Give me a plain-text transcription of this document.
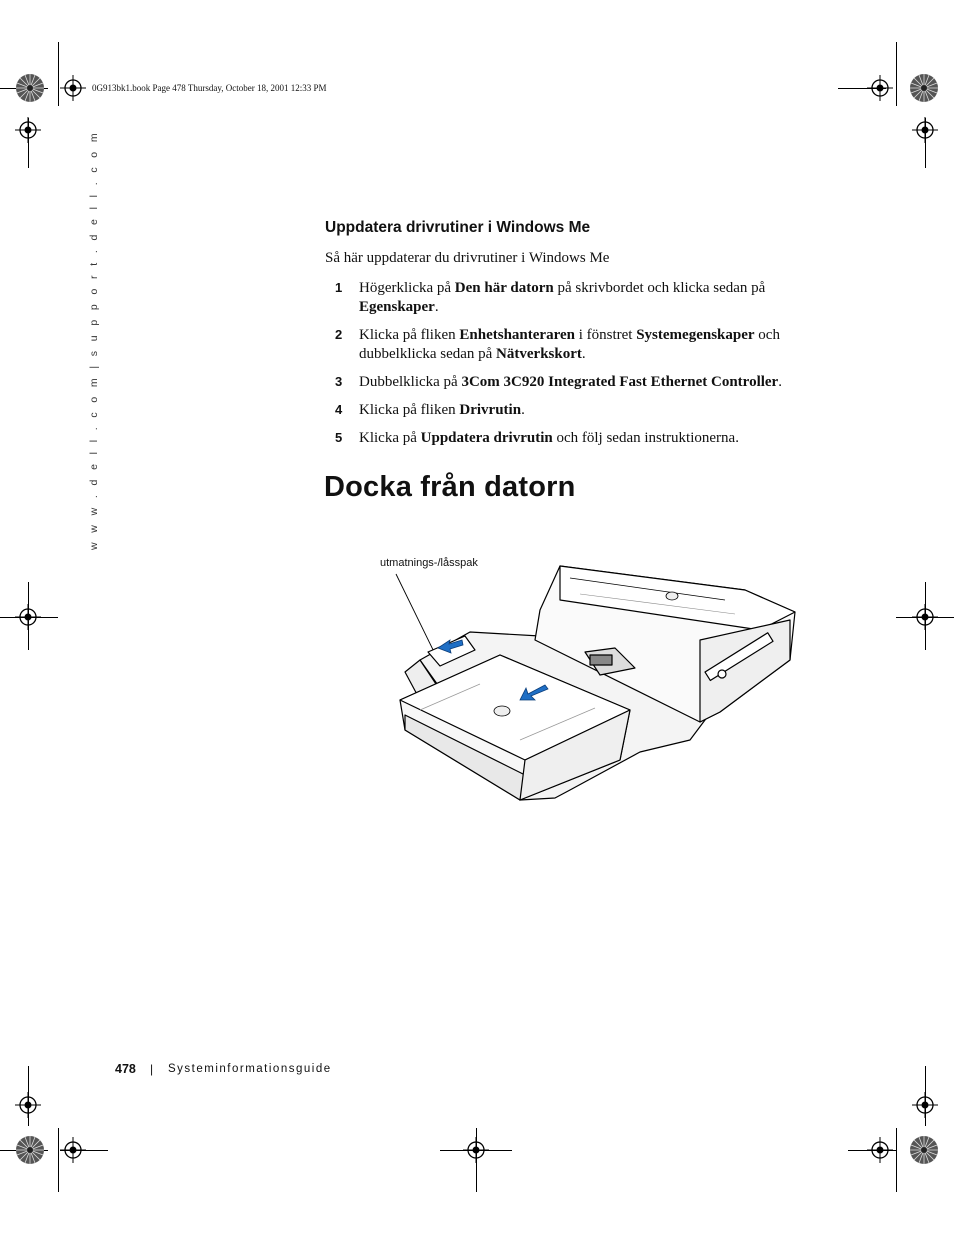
0G913bk1.book Page 478 Thursday, October 18, 2001 12:33 PM
w w w . d e l l . c o m | s u p p o r t . d e l l . c o m	Uppdatera drivrutiner i Windows Me
Så här uppdaterar du drivrutiner i Windows Me
1 Högerklicka på Den här datorn på skrivbordet och klicka sedan på Egenskaper.
2 Klicka på fliken Enhetshanteraren i fönstret Systemegenskaper och dubbelklicka sedan på Nätverkskort.
3 Dubbelklicka på 3Com 3C920 Integrated Fast Ethernet Controller.
4 Klicka på fliken Drivrutin.
5 Klicka på Uppdatera drivrutin och följ sedan instruktionerna.
Docka från datorn
utmatnings-/låsspak
478 | Systeminformationsguide
